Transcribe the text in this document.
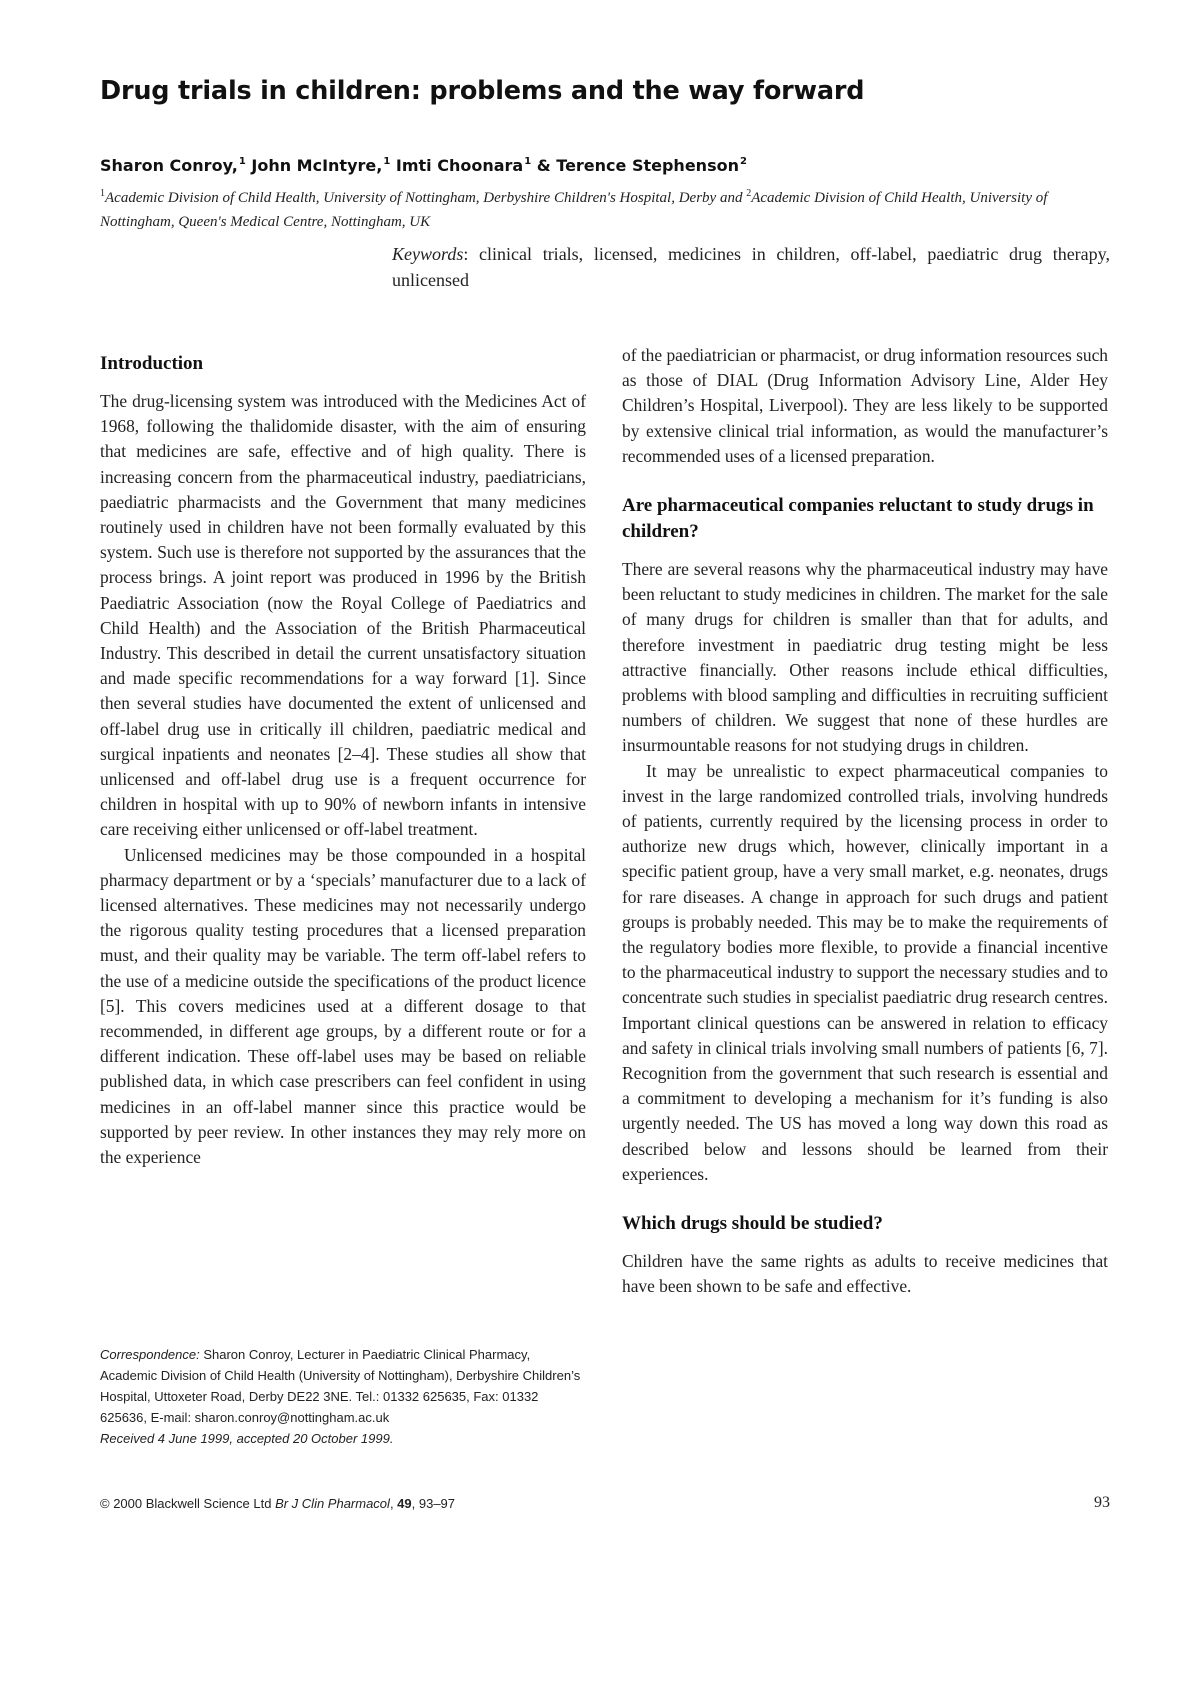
Drug trials in children: problems and the way forward
Sharon Conroy,$^1$ John McIntyre,$^1$ Imti Choonara$^1$ & Terence Stephenson$^2$
$^1$Academic Division of Child Health, University of Nottingham, Derbyshire Children's Hospital, Derby and $^2$Academic Division of Child Health, University of Nottingham, Queen's Medical Centre, Nottingham, UK
Keywords: clinical trials, licensed, medicines in children, off-label, paediatric drug therapy, unlicensed
Introduction

The drug-licensing system was introduced with the Medicines Act of 1968, following the thalidomide disaster, with the aim of ensuring that medicines are safe, effective and of high quality. There is increasing concern from the pharmaceutical industry, paediatricians, paediatric pharmacists and the Government that many medicines routinely used in children have not been formally evaluated by this system. Such use is therefore not supported by the assurances that the process brings. A joint report was produced in 1996 by the British Paediatric Association (now the Royal College of Paediatrics and Child Health) and the Association of the British Pharmaceutical Industry. This described in detail the current unsatisfactory situation and made specific recommendations for a way forward [1]. Since then several studies have documented the extent of unlicensed and off-label drug use in critically ill children, paediatric medical and surgical inpatients and neonates [2–4]. These studies all show that unlicensed and off-label drug use is a frequent occurrence for children in hospital with up to 90% of newborn infants in intensive care receiving either unlicensed or off-label treatment.

Unlicensed medicines may be those compounded in a hospital pharmacy department or by a ‘specials’ manufacturer due to a lack of licensed alternatives. These medicines may not necessarily undergo the rigorous quality testing procedures that a licensed preparation must, and their quality may be variable. The term off-label refers to the use of a medicine outside the specifications of the product licence [5]. This covers medicines used at a different dosage to that recommended, in different age groups, by a different route or for a different indication. These off-label uses may be based on reliable published data, in which case prescribers can feel confident in using medicines in an off-label manner since this practice would be supported by peer review. In other instances they may rely more on the experience

of the paediatrician or pharmacist, or drug information resources such as those of DIAL (Drug Information Advisory Line, Alder Hey Children’s Hospital, Liverpool). They are less likely to be supported by extensive clinical trial information, as would the manufacturer’s recommended uses of a licensed preparation.

Are pharmaceutical companies reluctant to study drugs in children?

There are several reasons why the pharmaceutical industry may have been reluctant to study medicines in children. The market for the sale of many drugs for children is smaller than that for adults, and therefore investment in paediatric drug testing might be less attractive financially. Other reasons include ethical difficulties, problems with blood sampling and difficulties in recruiting sufficient numbers of children. We suggest that none of these hurdles are insurmountable reasons for not studying drugs in children.

It may be unrealistic to expect pharmaceutical companies to invest in the large randomized controlled trials, involving hundreds of patients, currently required by the licensing process in order to authorize new drugs which, however, clinically important in a specific patient group, have a very small market, e.g. neonates, drugs for rare diseases. A change in approach for such drugs and patient groups is probably needed. This may be to make the requirements of the regulatory bodies more flexible, to provide a financial incentive to the pharmaceutical industry to support the necessary studies and to concentrate such studies in specialist paediatric drug research centres. Important clinical questions can be answered in relation to efficacy and safety in clinical trials involving small numbers of patients [6, 7]. Recognition from the government that such research is essential and a commitment to developing a mechanism for it’s funding is also urgently needed. The US has moved a long way down this road as described below and lessons should be learned from their experiences.

Which drugs should be studied?

Children have the same rights as adults to receive medicines that have been shown to be safe and effective.

Correspondence: Sharon Conroy, Lecturer in Paediatric Clinical Pharmacy, Academic Division of Child Health (University of Nottingham), Derbyshire Children’s Hospital, Uttoxeter Road, Derby DE22 3NE. Tel.: 01332 625635, Fax: 01332 625636, E-mail: sharon.conroy@nottingham.ac.uk

Received 4 June 1999, accepted 20 October 1999.

© 2000 Blackwell Science Ltd Br J Clin Pharmacol, 49, 93–97	93
